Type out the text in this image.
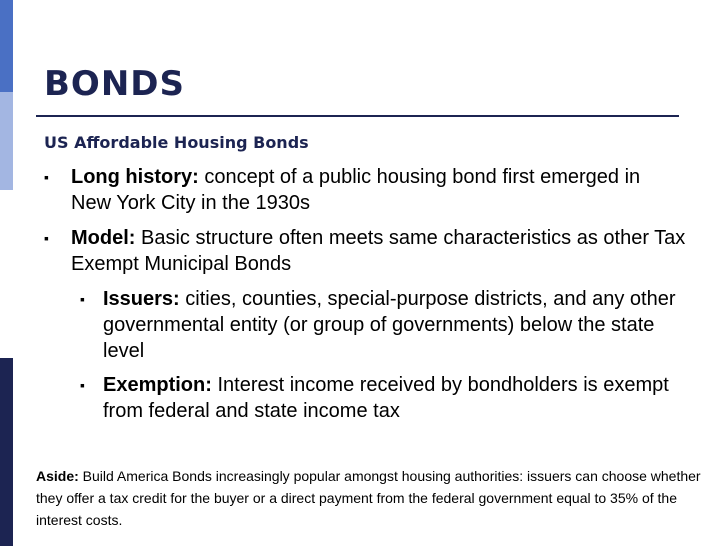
BONDS
US Affordable Housing Bonds
▪ Long history: concept of a public housing bond first emerged in New York City in the 1930s

▪ Model: Basic structure often meets same characteristics as other Tax Exempt Municipal Bonds

▪ Issuers: cities, counties, special-purpose districts, and any other governmental entity (or group of governments) below the state level

▪ Exemption: Interest income received by bondholders is exempt from federal and state income tax

Aside: Build America Bonds increasingly popular amongst housing authorities: issuers can choose whether they offer a tax credit for the buyer or a direct payment from the federal government equal to 35% of the interest costs.
